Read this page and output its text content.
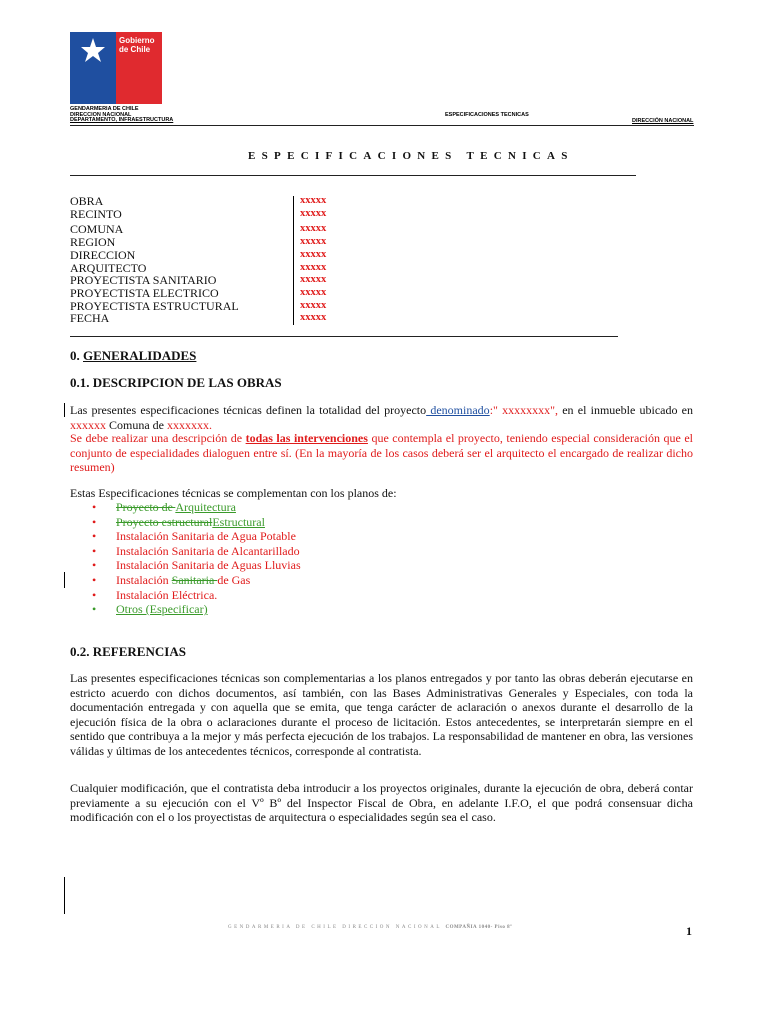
Gobierno
de Chile
GENDARMERIA DE CHILE
DIRECCION NACIONAL
DEPARTAMENTO, INFRAESTRUCTURA
ESPECIFICACIONES TECNICAS
DIRECCIÓN NACIONAL
ESPECIFICACIONES TECNICAS
OBRA
RECINTO
COMUNA
REGION
DIRECCION
ARQUITECTO
PROYECTISTA SANITARIO
PROYECTISTA ELECTRICO
PROYECTISTA ESTRUCTURAL
FECHA
xxxxx
xxxxx
xxxxx
xxxxx
xxxxx
xxxxx
xxxxx
xxxxx
xxxxx
xxxxx
0. GENERALIDADES
0.1. DESCRIPCION DE LAS OBRAS
Las presentes especificaciones técnicas definen la totalidad del proyecto denominado:" xxxxxxxx", en el inmueble ubicado en xxxxxx Comuna de xxxxxxx.
Se debe realizar una descripción de todas las intervenciones que contempla el proyecto, teniendo especial consideración que el conjunto de especialidades dialoguen entre sí. (En la mayoría de los casos deberá ser el arquitecto el encargado de realizar dicho resumen)
Estas Especificaciones técnicas se complementan con los planos de:
• Proyecto de Arquitectura
• Proyecto estructuralEstructural
• Instalación Sanitaria de Agua Potable
• Instalación Sanitaria de Alcantarillado
• Instalación Sanitaria de Aguas Lluvias
• Instalación Sanitaria de Gas
• Instalación Eléctrica.
• Otros (Especificar)
0.2. REFERENCIAS
Las presentes especificaciones técnicas son complementarias a los planos entregados y por tanto las obras deberán ejecutarse en estricto acuerdo con dichos documentos, así también, con las Bases Administrativas Generales y Especiales, con toda la documentación entregada y con aquella que se emita, que tenga carácter de aclaración o anexos durante el desarrollo de la ejecución física de la obra o aclaraciones durante el proceso de licitación. Estos antecedentes, se interpretarán siempre en el sentido que contribuya a la mejor y más perfecta ejecución de los trabajos. La responsabilidad de mantener en obra, las versiones válidas y últimas de los antecedentes técnicos, corresponde al contratista.
Cualquier modificación, que el contratista deba introducir a los proyectos originales, durante la ejecución de obra, deberá contar previamente a su ejecución con el Vº Bº del Inspector Fiscal de Obra, en adelante I.F.O, el que podrá consensuar dicha modificación con el o los proyectistas de arquitectura o especialidades según sea el caso.
GENDARMERIA DE CHILE DIRECCION NACIONAL COMPAÑIA 1040- Piso 8º	1
